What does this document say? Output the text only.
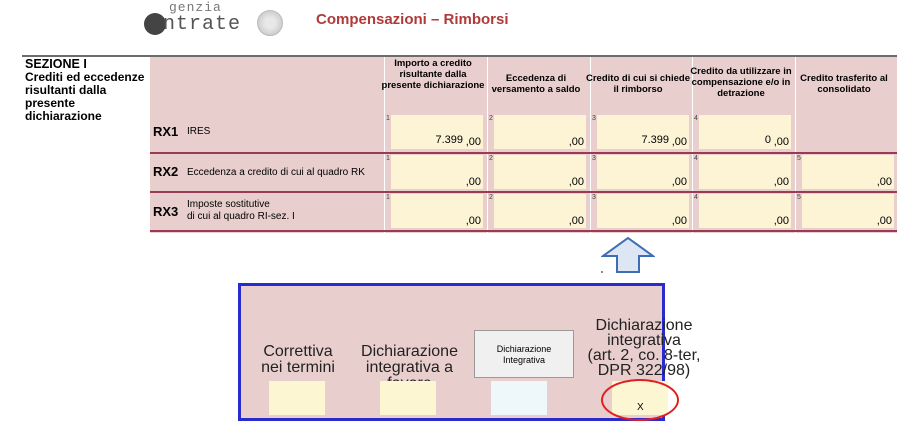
genzia
ntrate	Compensazioni – Rimborsi
SEZIONE I
Crediti ed eccedenze risultanti dalla presente dichiarazione
Importo a credito risultante dalla presente dichiarazione
Eccedenza di versamento a saldo
Credito di cui si chiede il rimborso
Credito da utilizzare in compensazione e/o in detrazione
Credito trasferito al consolidato
RX1 IRES
1
7.399 ,00
2
,00
3
7.399 ,00
4
0 ,00
RX2 Eccedenza a credito di cui al quadro RK
1
,00
2
,00
3
,00
4
,00
5
,00
RX3 Imposte sostitutive
di cui al quadro RI-sez. I
1
,00
2
,00
3
,00
4
,00
5
,00
Correttiva
nei termini
Dichiarazione
integrativa a
Dichiarazione
Integrativa
Dichiarazione
integrativa
(art. 2, co. 8-ter,
DPR 322/98)
X
